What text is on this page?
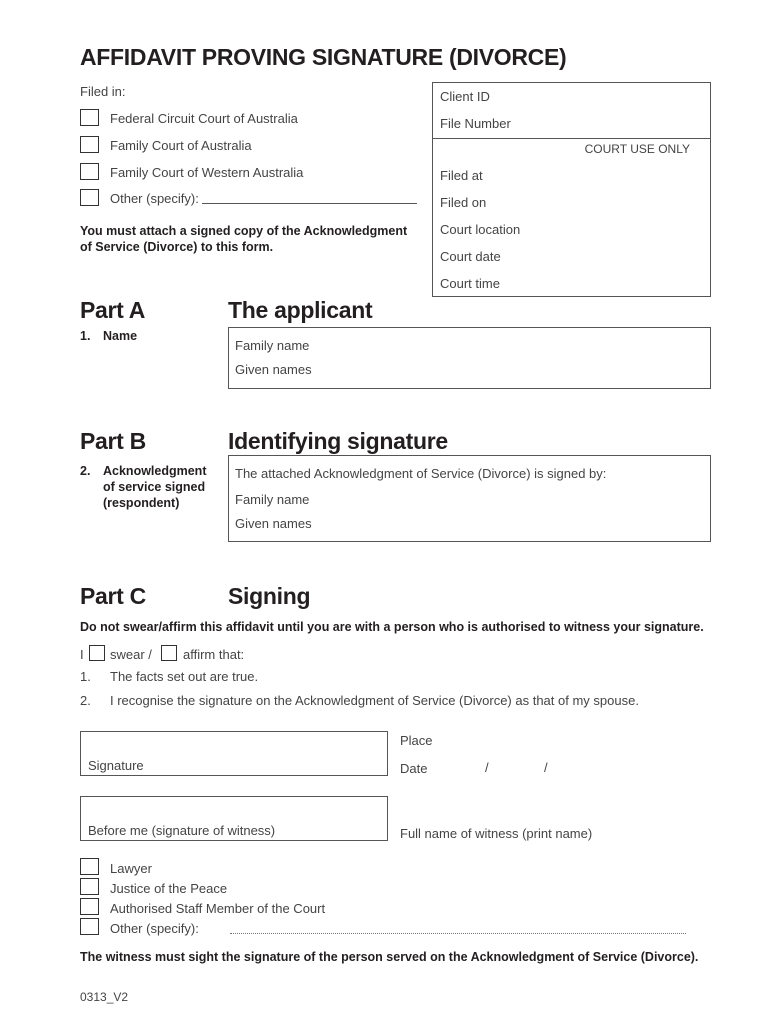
AFFIDAVIT PROVING SIGNATURE (DIVORCE)
Filed in:
Federal Circuit Court of Australia
Family Court of Australia
Family Court of Western Australia
Other (specify):
You must attach a signed copy of the Acknowledgment of Service (Divorce) to this form.
Client ID
File Number
COURT USE ONLY
Filed at
Filed on
Court location
Court date
Court time
Part A	The applicant
1. Name
Family name
Given names
Part B	Identifying signature
2. Acknowledgment
of service signed
(respondent)
The attached Acknowledgment of Service (Divorce) is signed by:
Family name
Given names
Part C	Signing
Do not swear/affirm this affidavit until you are with a person who is authorised to witness your signature.
I swear / affirm that:
1. The facts set out are true.
2. I recognise the signature on the Acknowledgment of Service (Divorce) as that of my spouse.
Signature
Place
Date	/	/
Before me (signature of witness)	Full name of witness (print name)
Lawyer
Justice of the Peace
Authorised Staff Member of the Court
Other (specify):
The witness must sight the signature of the person served on the Acknowledgment of Service (Divorce).
0313_V2
